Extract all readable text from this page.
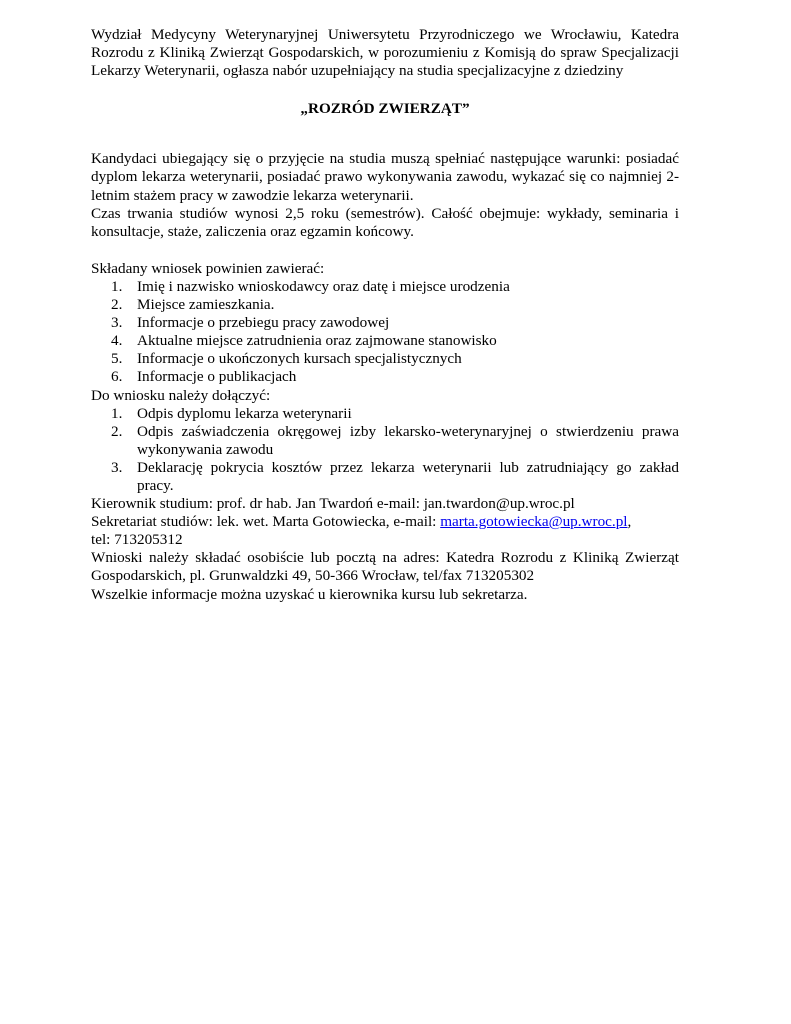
Wydział Medycyny Weterynaryjnej Uniwersytetu Przyrodniczego we Wrocławiu, Katedra Rozrodu z Kliniką Zwierząt Gospodarskich, w porozumieniu z Komisją do spraw Specjalizacji Lekarzy Weterynarii, ogłasza nabór uzupełniający na studia specjalizacyjne z dziedziny

„ROZRÓD ZWIERZĄT”

Kandydaci ubiegający się o przyjęcie na studia muszą spełniać następujące warunki: posiadać dyplom lekarza weterynarii, posiadać prawo wykonywania zawodu, wykazać się co najmniej 2-letnim stażem pracy w zawodzie lekarza weterynarii.

Czas trwania studiów wynosi 2,5 roku (semestrów). Całość obejmuje: wykłady, seminaria i konsultacje, staże, zaliczenia oraz egzamin końcowy.

Składany wniosek powinien zawierać:

1. Imię i nazwisko wnioskodawcy oraz datę i miejsce urodzenia
2. Miejsce zamieszkania.
3. Informacje o przebiegu pracy zawodowej
4. Aktualne miejsce zatrudnienia oraz zajmowane stanowisko
5. Informacje o ukończonych kursach specjalistycznych
6. Informacje o publikacjach

Do wniosku należy dołączyć:

1. Odpis dyplomu lekarza weterynarii
2. Odpis zaświadczenia okręgowej izby lekarsko-weterynaryjnej o stwierdzeniu prawa wykonywania zawodu
3. Deklarację pokrycia kosztów przez lekarza weterynarii lub zatrudniający go zakład pracy.

Kierownik studium: prof. dr hab. Jan Twardoń e-mail: jan.twardon@up.wroc.pl

Sekretariat studiów: lek. wet. Marta Gotowiecka, e-mail: marta.gotowiecka@up.wroc.pl,

tel: 713205312

Wnioski należy składać osobiście lub pocztą na adres: Katedra Rozrodu z Kliniką Zwierząt Gospodarskich, pl. Grunwaldzki 49, 50-366 Wrocław, tel/fax 713205302

Wszelkie informacje można uzyskać u kierownika kursu lub sekretarza.
